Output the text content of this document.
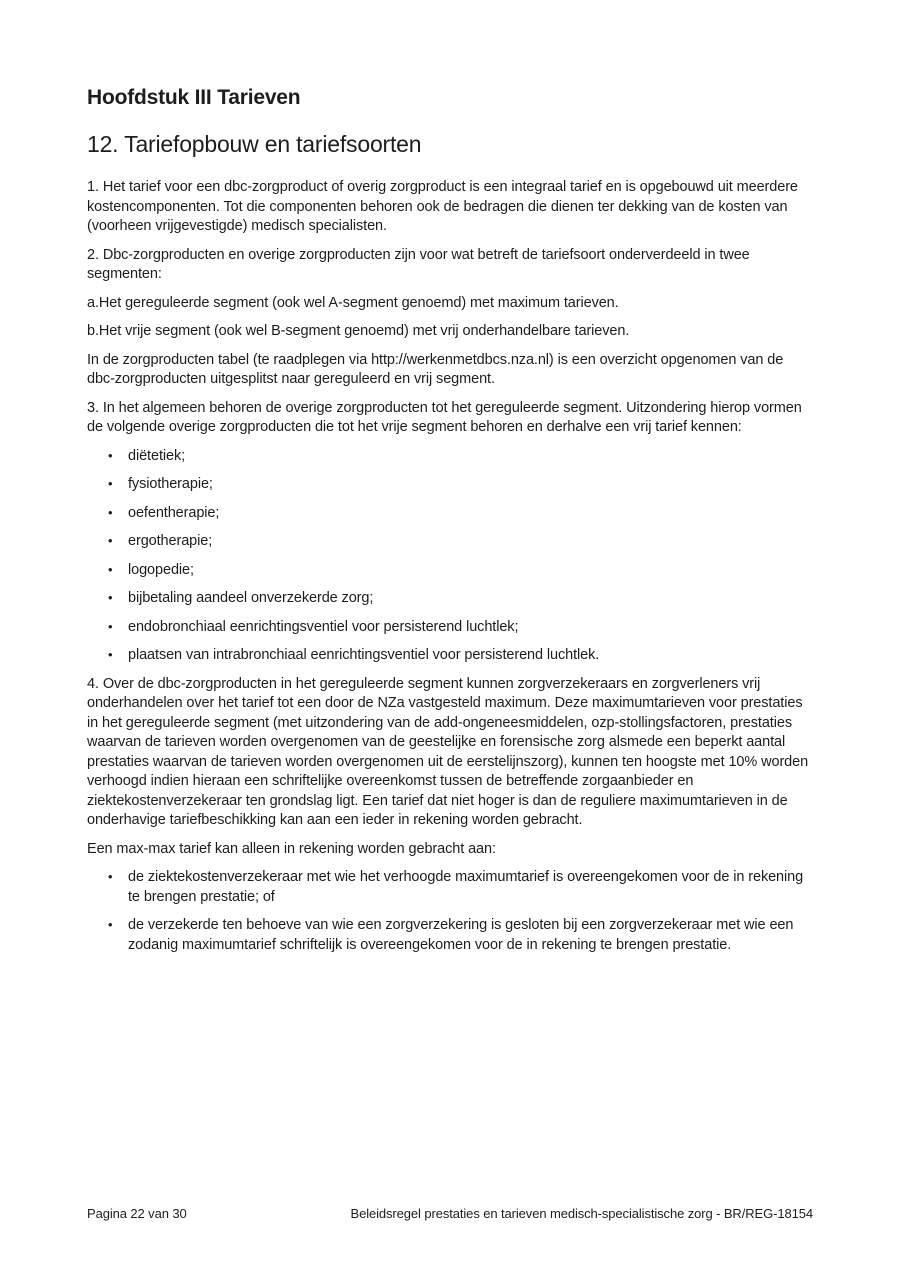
Hoofdstuk III Tarieven
12. Tariefopbouw en tariefsoorten

1. Het tarief voor een dbc-zorgproduct of overig zorgproduct is een integraal tarief en is opgebouwd uit meerdere kostencomponenten. Tot die componenten behoren ook de bedragen die dienen ter dekking van de kosten van (voorheen vrijgevestigde) medisch specialisten.

2. Dbc-zorgproducten en overige zorgproducten zijn voor wat betreft de tariefsoort onderverdeeld in twee segmenten:

a.Het gereguleerde segment (ook wel A-segment genoemd) met maximum tarieven.

b.Het vrije segment (ook wel B-segment genoemd) met vrij onderhandelbare tarieven.

In de zorgproducten tabel (te raadplegen via http://werkenmetdbcs.nza.nl) is een overzicht opgenomen van de dbc-zorgproducten uitgesplitst naar gereguleerd en vrij segment.

3. In het algemeen behoren de overige zorgproducten tot het gereguleerde segment. Uitzondering hierop vormen de volgende overige zorgproducten die tot het vrije segment behoren en derhalve een vrij tarief kennen:

• diëtetiek;
• fysiotherapie;
• oefentherapie;
• ergotherapie;
• logopedie;
• bijbetaling aandeel onverzekerde zorg;
• endobronchiaal eenrichtingsventiel voor persisterend luchtlek;
• plaatsen van intrabronchiaal eenrichtingsventiel voor persisterend luchtlek.

4. Over de dbc-zorgproducten in het gereguleerde segment kunnen zorgverzekeraars en zorgverleners vrij onderhandelen over het tarief tot een door de NZa vastgesteld maximum. Deze maximumtarieven voor prestaties in het gereguleerde segment (met uitzondering van de add-ongeneesmiddelen, ozp-stollingsfactoren, prestaties waarvan de tarieven worden overgenomen van de geestelijke en forensische zorg alsmede een beperkt aantal prestaties waarvan de tarieven worden overgenomen uit de eerstelijnszorg), kunnen ten hoogste met 10% worden verhoogd indien hieraan een schriftelijke overeenkomst tussen de betreffende zorgaanbieder en ziektekostenverzekeraar ten grondslag ligt. Een tarief dat niet hoger is dan de reguliere maximumtarieven in de onderhavige tariefbeschikking kan aan een ieder in rekening worden gebracht.

Een max-max tarief kan alleen in rekening worden gebracht aan:

• de ziektekostenverzekeraar met wie het verhoogde maximumtarief is overeengekomen voor de in rekening te brengen prestatie; of
• de verzekerde ten behoeve van wie een zorgverzekering is gesloten bij een zorgverzekeraar met wie een zodanig maximumtarief schriftelijk is overeengekomen voor de in rekening te brengen prestatie.
Pagina 22 van 30	Beleidsregel prestaties en tarieven medisch-specialistische zorg - BR/REG-18154
